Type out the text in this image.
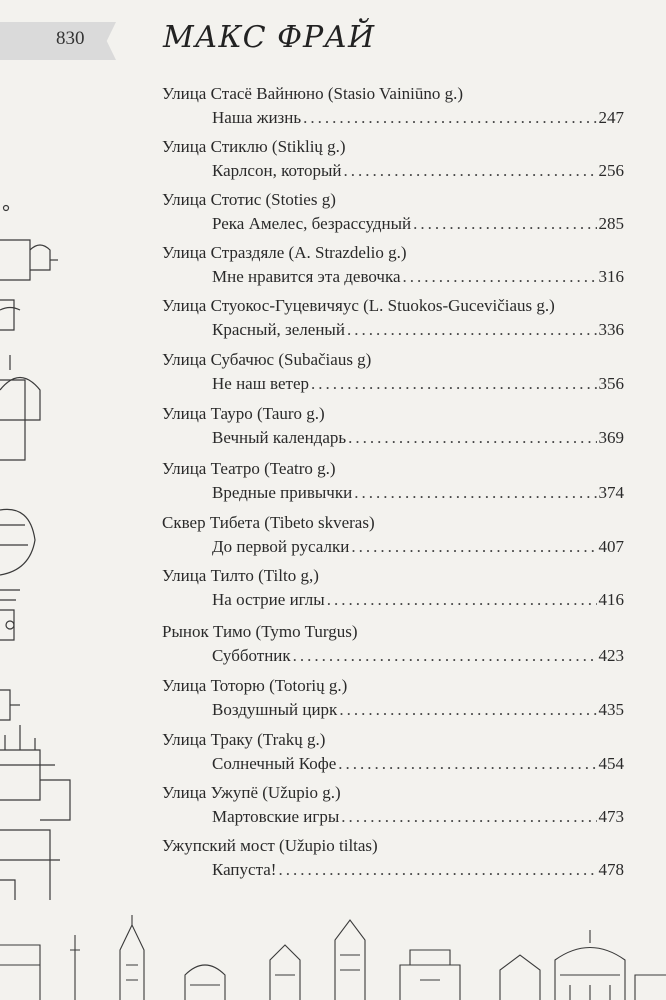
830	МАКС ФРАЙ
Улица Стасё Вайнюно (Stasio Vainiūno g.)
Наша жизнь .....	247
Улица Стиклю (Stiklių g.)
Карлсон, который .....	256
Улица Стотис (Stoties g)
Река Амелес, безрассудный .....	285
Улица Страздяле (A. Strazdelio g.)
Мне нравится эта девочка .....	316
Улица Стуокос-Гуцевичяус (L. Stuokos-Gucevičiaus g.)
Красный, зеленый .....	336
Улица Субачюс (Subačiaus g)
Не наш ветер .....	356
Улица Тауро (Tauro g.)
Вечный календарь .....	369
Улица Театро (Teatro g.)
Вредные привычки .....	374
Сквер Тибета (Tibeto skveras)
До первой русалки .....	407
Улица Тилто (Tilto g,)
На острие иглы .....	416
Рынок Тимо (Tymo Turgus)
Субботник .....	423
Улица Тоторю (Totorių g.)
Воздушный цирк .....	435
Улица Траку (Trakų g.)
Солнечный Кофе .....	454
Улица Ужупё (Užupio g.)
Мартовские игры .....	473
Ужупский мост (Užupio tiltas)
Капуста! .....	478
